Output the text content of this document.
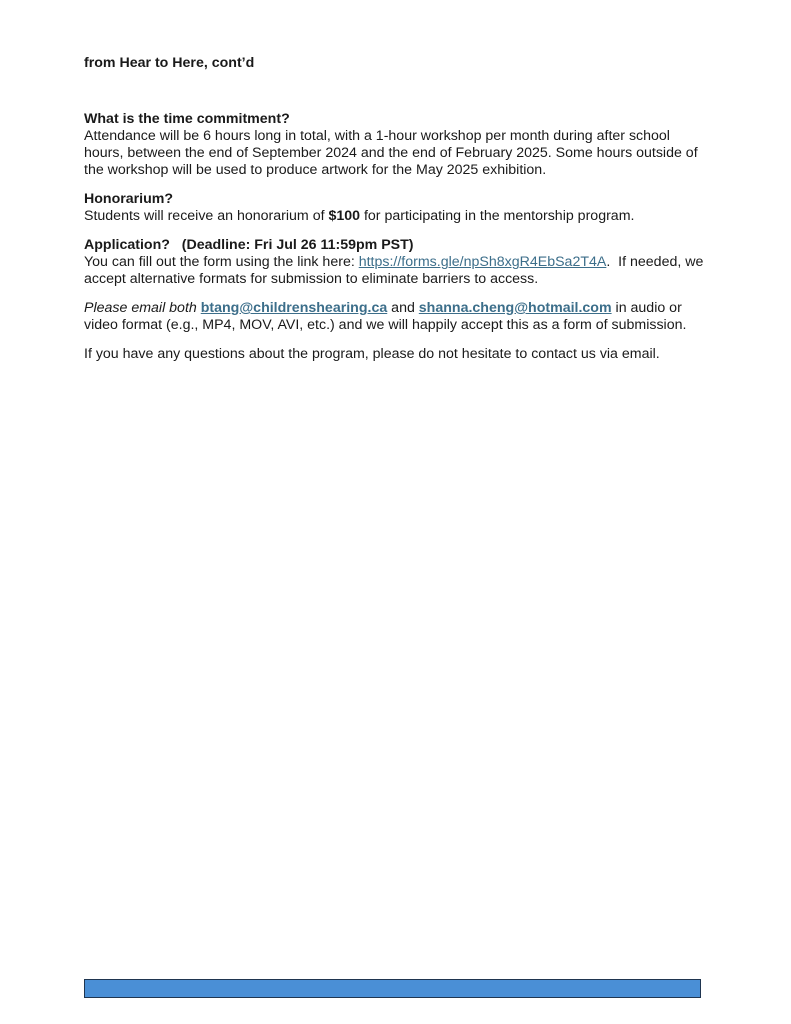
from Hear to Here, cont’d

What is the time commitment?

Attendance will be 6 hours long in total, with a 1-hour workshop per month during after school hours, between the end of September 2024 and the end of February 2025. Some hours outside of the workshop will be used to produce artwork for the May 2025 exhibition.

Honorarium?

Students will receive an honorarium of $100 for participating in the mentorship program.

Application?   (Deadline: Fri Jul 26 11:59pm PST)

You can fill out the form using the link here: https://forms.gle/npSh8xgR4EbSa2T4A.  If needed, we accept alternative formats for submission to eliminate barriers to access.

Please email both btang@childrenshearing.ca and shanna.cheng@hotmail.com in audio or video format (e.g., MP4, MOV, AVI, etc.) and we will happily accept this as a form of submission.

If you have any questions about the program, please do not hesitate to contact us via email.
